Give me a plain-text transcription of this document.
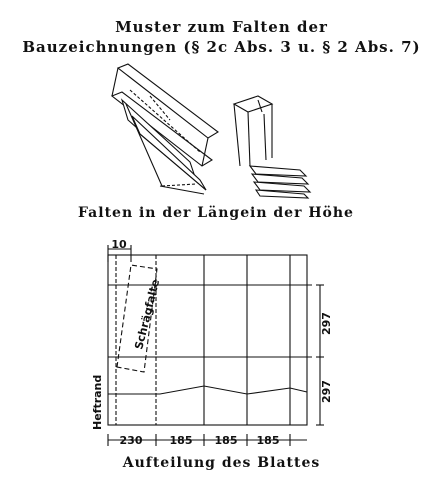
Muster zum Falten der
Bauzeichnungen (§ 2c Abs. 3 u. § 2 Abs. 7)
10
Schrägfalte
Heftrand
297
297
230 185 185 185
Falten in der Länge in der Höhe
Aufteilung des Blattes
